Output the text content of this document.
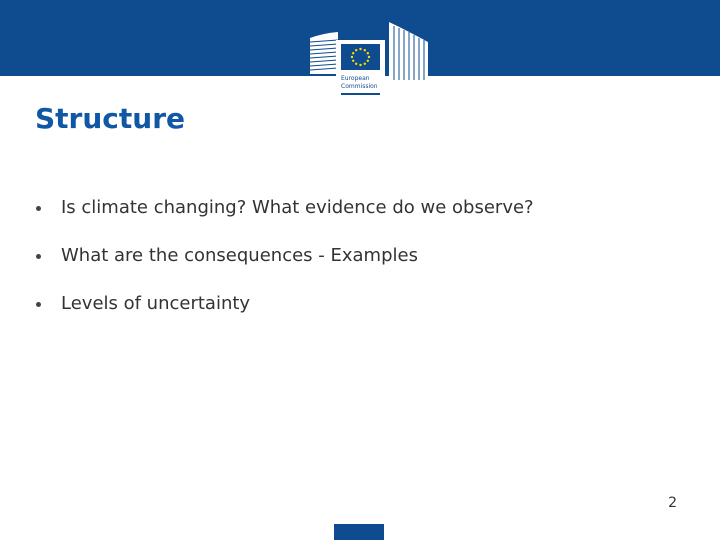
European
Commission
Structure
Is climate changing? What evidence do we observe?
What are the consequences - Examples
Levels of uncertainty
2
